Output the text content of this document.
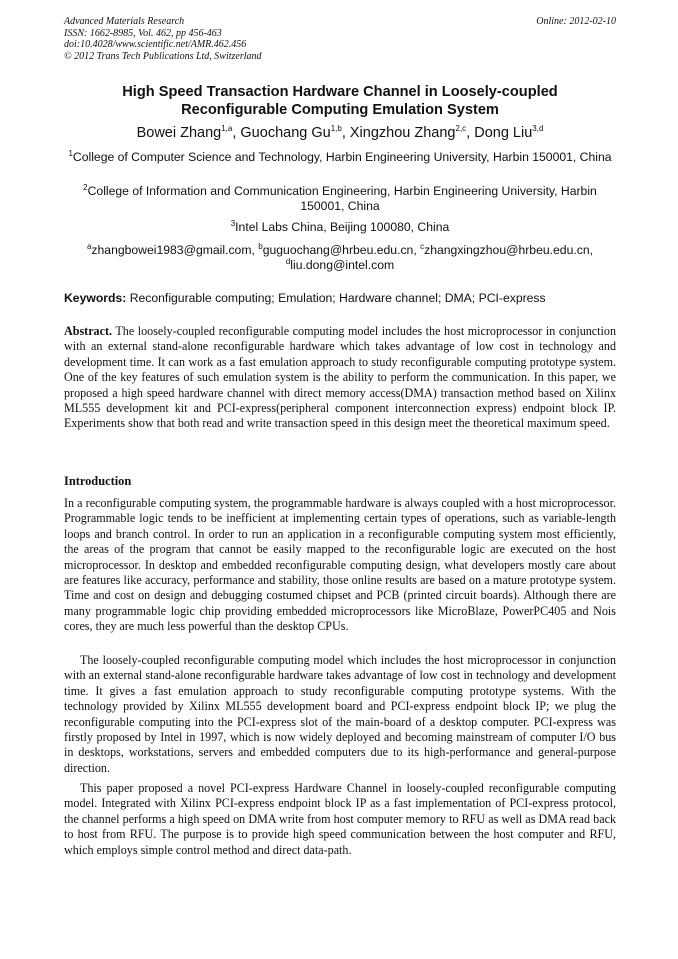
Advanced Materials Research
ISSN: 1662-8985, Vol. 462, pp 456-463
doi:10.4028/www.scientific.net/AMR.462.456
© 2012 Trans Tech Publications Ltd, Switzerland
Online: 2012-02-10
High Speed Transaction Hardware Channel in Loosely-coupled
Reconfigurable Computing Emulation System
Bowei Zhang$^{1,a}$, Guochang Gu$^{1,b}$, Xingzhou Zhang$^{2,c}$, Dong Liu$^{3,d}$
$^1$College of Computer Science and Technology, Harbin Engineering University, Harbin 150001, China
$^2$College of Information and Communication Engineering, Harbin Engineering University, Harbin 150001, China
$^3$Intel Labs China, Beijing 100080, China
$^a$zhangbowei1983@gmail.com, $^b$guguochang@hrbeu.edu.cn, $^c$zhangxingzhou@hrbeu.edu.cn,
$^d$liu.dong@intel.com
Keywords: Reconfigurable computing; Emulation; Hardware channel; DMA; PCI-express
Abstract. The loosely-coupled reconfigurable computing model includes the host microprocessor in conjunction with an external stand-alone reconfigurable hardware which takes advantage of low cost in technology and development time. It can work as a fast emulation approach to study reconfigurable computing prototype system. One of the key features of such emulation system is the ability to perform the communication. In this paper, we proposed a high speed hardware channel with direct memory access(DMA) transaction method based on Xilinx ML555 development kit and PCI-express(peripheral component interconnection express) endpoint block IP. Experiments show that both read and write transaction speed in this design meet the theoretical maximum speed.
Introduction

In a reconfigurable computing system, the programmable hardware is always coupled with a host microprocessor. Programmable logic tends to be inefficient at implementing certain types of operations, such as variable-length loops and branch control. In order to run an application in a reconfigurable computing system most efficiently, the areas of the program that cannot be easily mapped to the reconfigurable logic are executed on the host microprocessor. In desktop and embedded reconfigurable computing design, what developers mostly care about are features like accuracy, performance and stability, those online results are based on a mature prototype system. Time and cost on design and debugging costumed chipset and PCB (printed circuit boards). Although there are many programmable logic chip providing embedded microprocessors like MicroBlaze, PowerPC405 and Nois cores, they are much less powerful than the desktop CPUs.

The loosely-coupled reconfigurable computing model which includes the host microprocessor in conjunction with an external stand-alone reconfigurable hardware takes advantage of low cost in technology and development time. It gives a fast emulation approach to study reconfigurable computing prototype systems. With the technology provided by Xilinx ML555 development board and PCI-express endpoint block IP; we plug the reconfigurable computing into the PCI-express slot of the main-board of a desktop computer. PCI-express was firstly proposed by Intel in 1997, which is now widely deployed and becoming mainstream of computer I/O bus in desktops, workstations, servers and embedded computers due to its high-performance and general-purpose direction.

This paper proposed a novel PCI-express Hardware Channel in loosely-coupled reconfigurable computing model. Integrated with Xilinx PCI-express endpoint block IP as a fast implementation of PCI-express protocol, the channel performs a high speed on DMA write from host computer memory to RFU as well as DMA read back to host from RFU. The purpose is to provide high speed communication between the host computer and RFU, which employs simple control method and direct data-path.
